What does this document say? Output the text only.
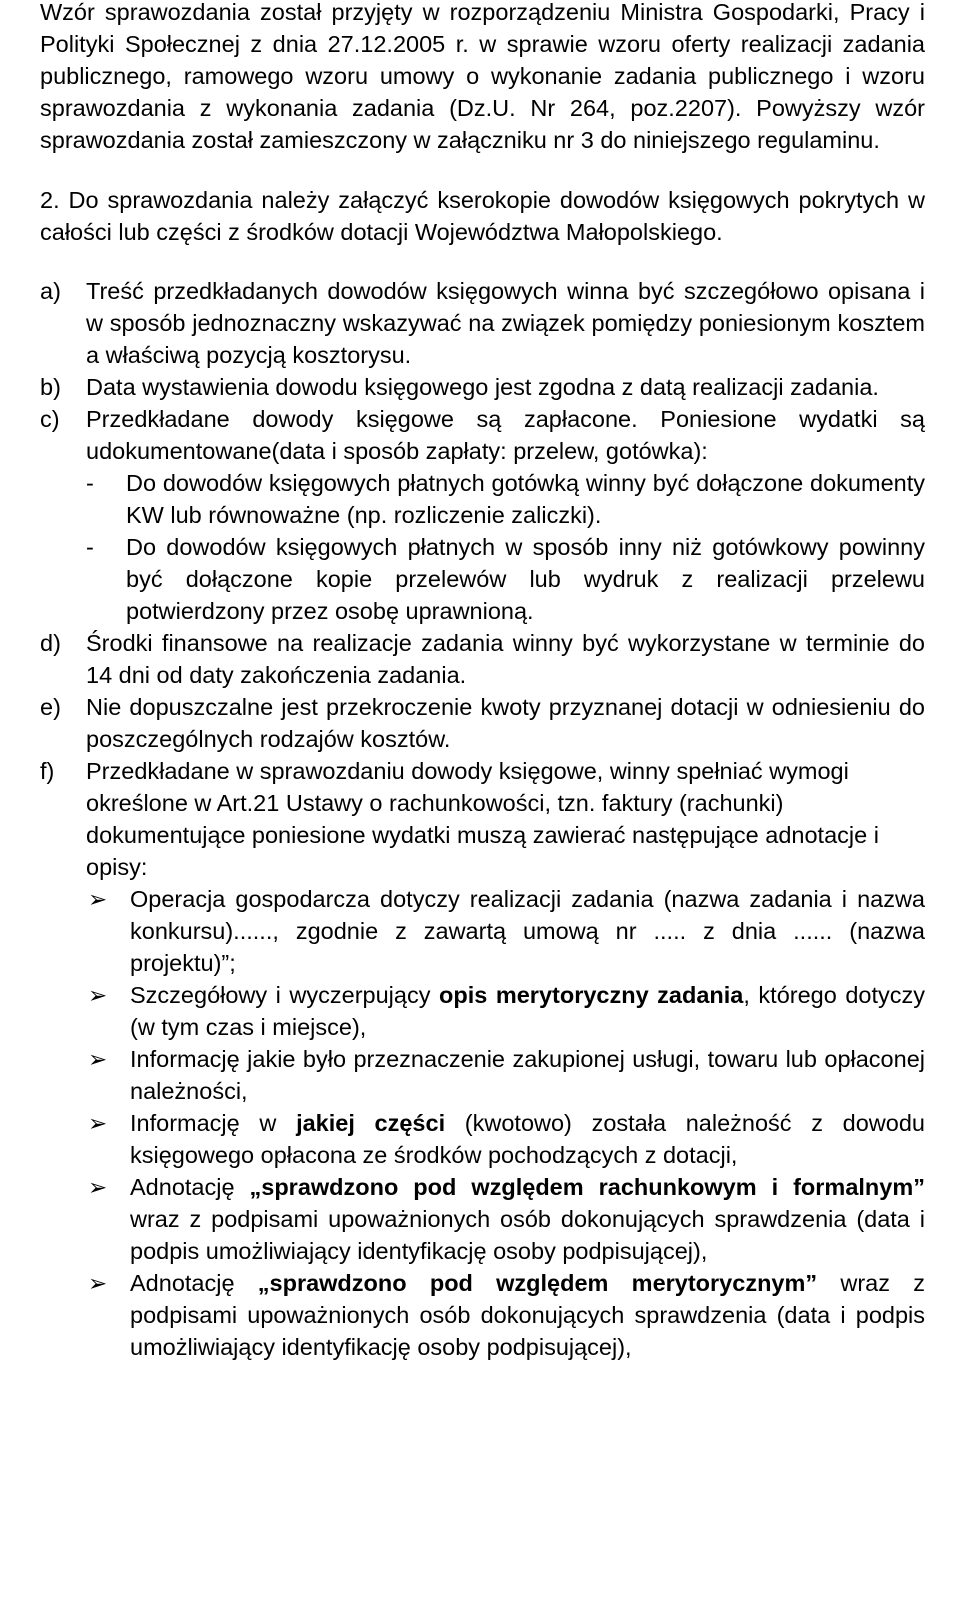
Wzór sprawozdania został przyjęty w rozporządzeniu Ministra Gospodarki, Pracy i Polityki Społecznej z dnia 27.12.2005 r. w sprawie wzoru oferty realizacji zadania publicznego, ramowego wzoru umowy o wykonanie zadania publicznego i wzoru sprawozdania z wykonania zadania (Dz.U. Nr 264, poz.2207). Powyższy wzór sprawozdania został zamieszczony w załączniku nr 3 do niniejszego regulaminu.
2. Do sprawozdania należy załączyć kserokopie dowodów księgowych pokrytych w całości lub części z środków dotacji Województwa Małopolskiego.
a)	Treść przedkładanych dowodów księgowych winna być szczegółowo opisana i w sposób jednoznaczny wskazywać na związek pomiędzy poniesionym kosztem a właściwą pozycją kosztorysu.
b)	Data wystawienia dowodu księgowego jest zgodna z datą realizacji zadania.
c)	Przedkładane dowody księgowe są zapłacone. Poniesione wydatki są udokumentowane(data i sposób zapłaty: przelew, gotówka):
-	Do dowodów księgowych płatnych gotówką winny być dołączone dokumenty KW lub równoważne (np. rozliczenie zaliczki).
-	Do dowodów księgowych płatnych w sposób inny niż gotówkowy powinny być dołączone kopie przelewów lub wydruk z realizacji przelewu potwierdzony przez osobę uprawnioną.
d)	Środki finansowe na realizacje zadania winny być wykorzystane w terminie do 14 dni od daty zakończenia zadania.
e)	Nie dopuszczalne jest przekroczenie kwoty przyznanej dotacji w odniesieniu do poszczególnych rodzajów kosztów.
f)	Przedkładane w sprawozdaniu dowody księgowe, winny spełniać wymogi określone w Art.21 Ustawy o rachunkowości, tzn. faktury (rachunki) dokumentujące poniesione wydatki muszą zawierać następujące adnotacje i opisy:
➢ Operacja gospodarcza dotyczy realizacji zadania (nazwa zadania i nazwa konkursu)......, zgodnie z zawartą umową nr ..... z dnia ...... (nazwa projektu)”;
➢ Szczegółowy i wyczerpujący opis merytoryczny zadania, którego dotyczy (w tym czas i miejsce),
➢ Informację jakie było przeznaczenie zakupionej usługi, towaru lub opłaconej należności,
➢ Informację w jakiej części (kwotowo) została należność z dowodu księgowego opłacona ze środków pochodzących z dotacji,
➢ Adnotację „sprawdzono pod względem rachunkowym i formalnym” wraz z podpisami upoważnionych osób dokonujących sprawdzenia (data i podpis umożliwiający identyfikację osoby podpisującej),
➢ Adnotację „sprawdzono pod względem merytorycznym” wraz z podpisami upoważnionych osób dokonujących sprawdzenia (data i podpis umożliwiający identyfikację osoby podpisującej),
